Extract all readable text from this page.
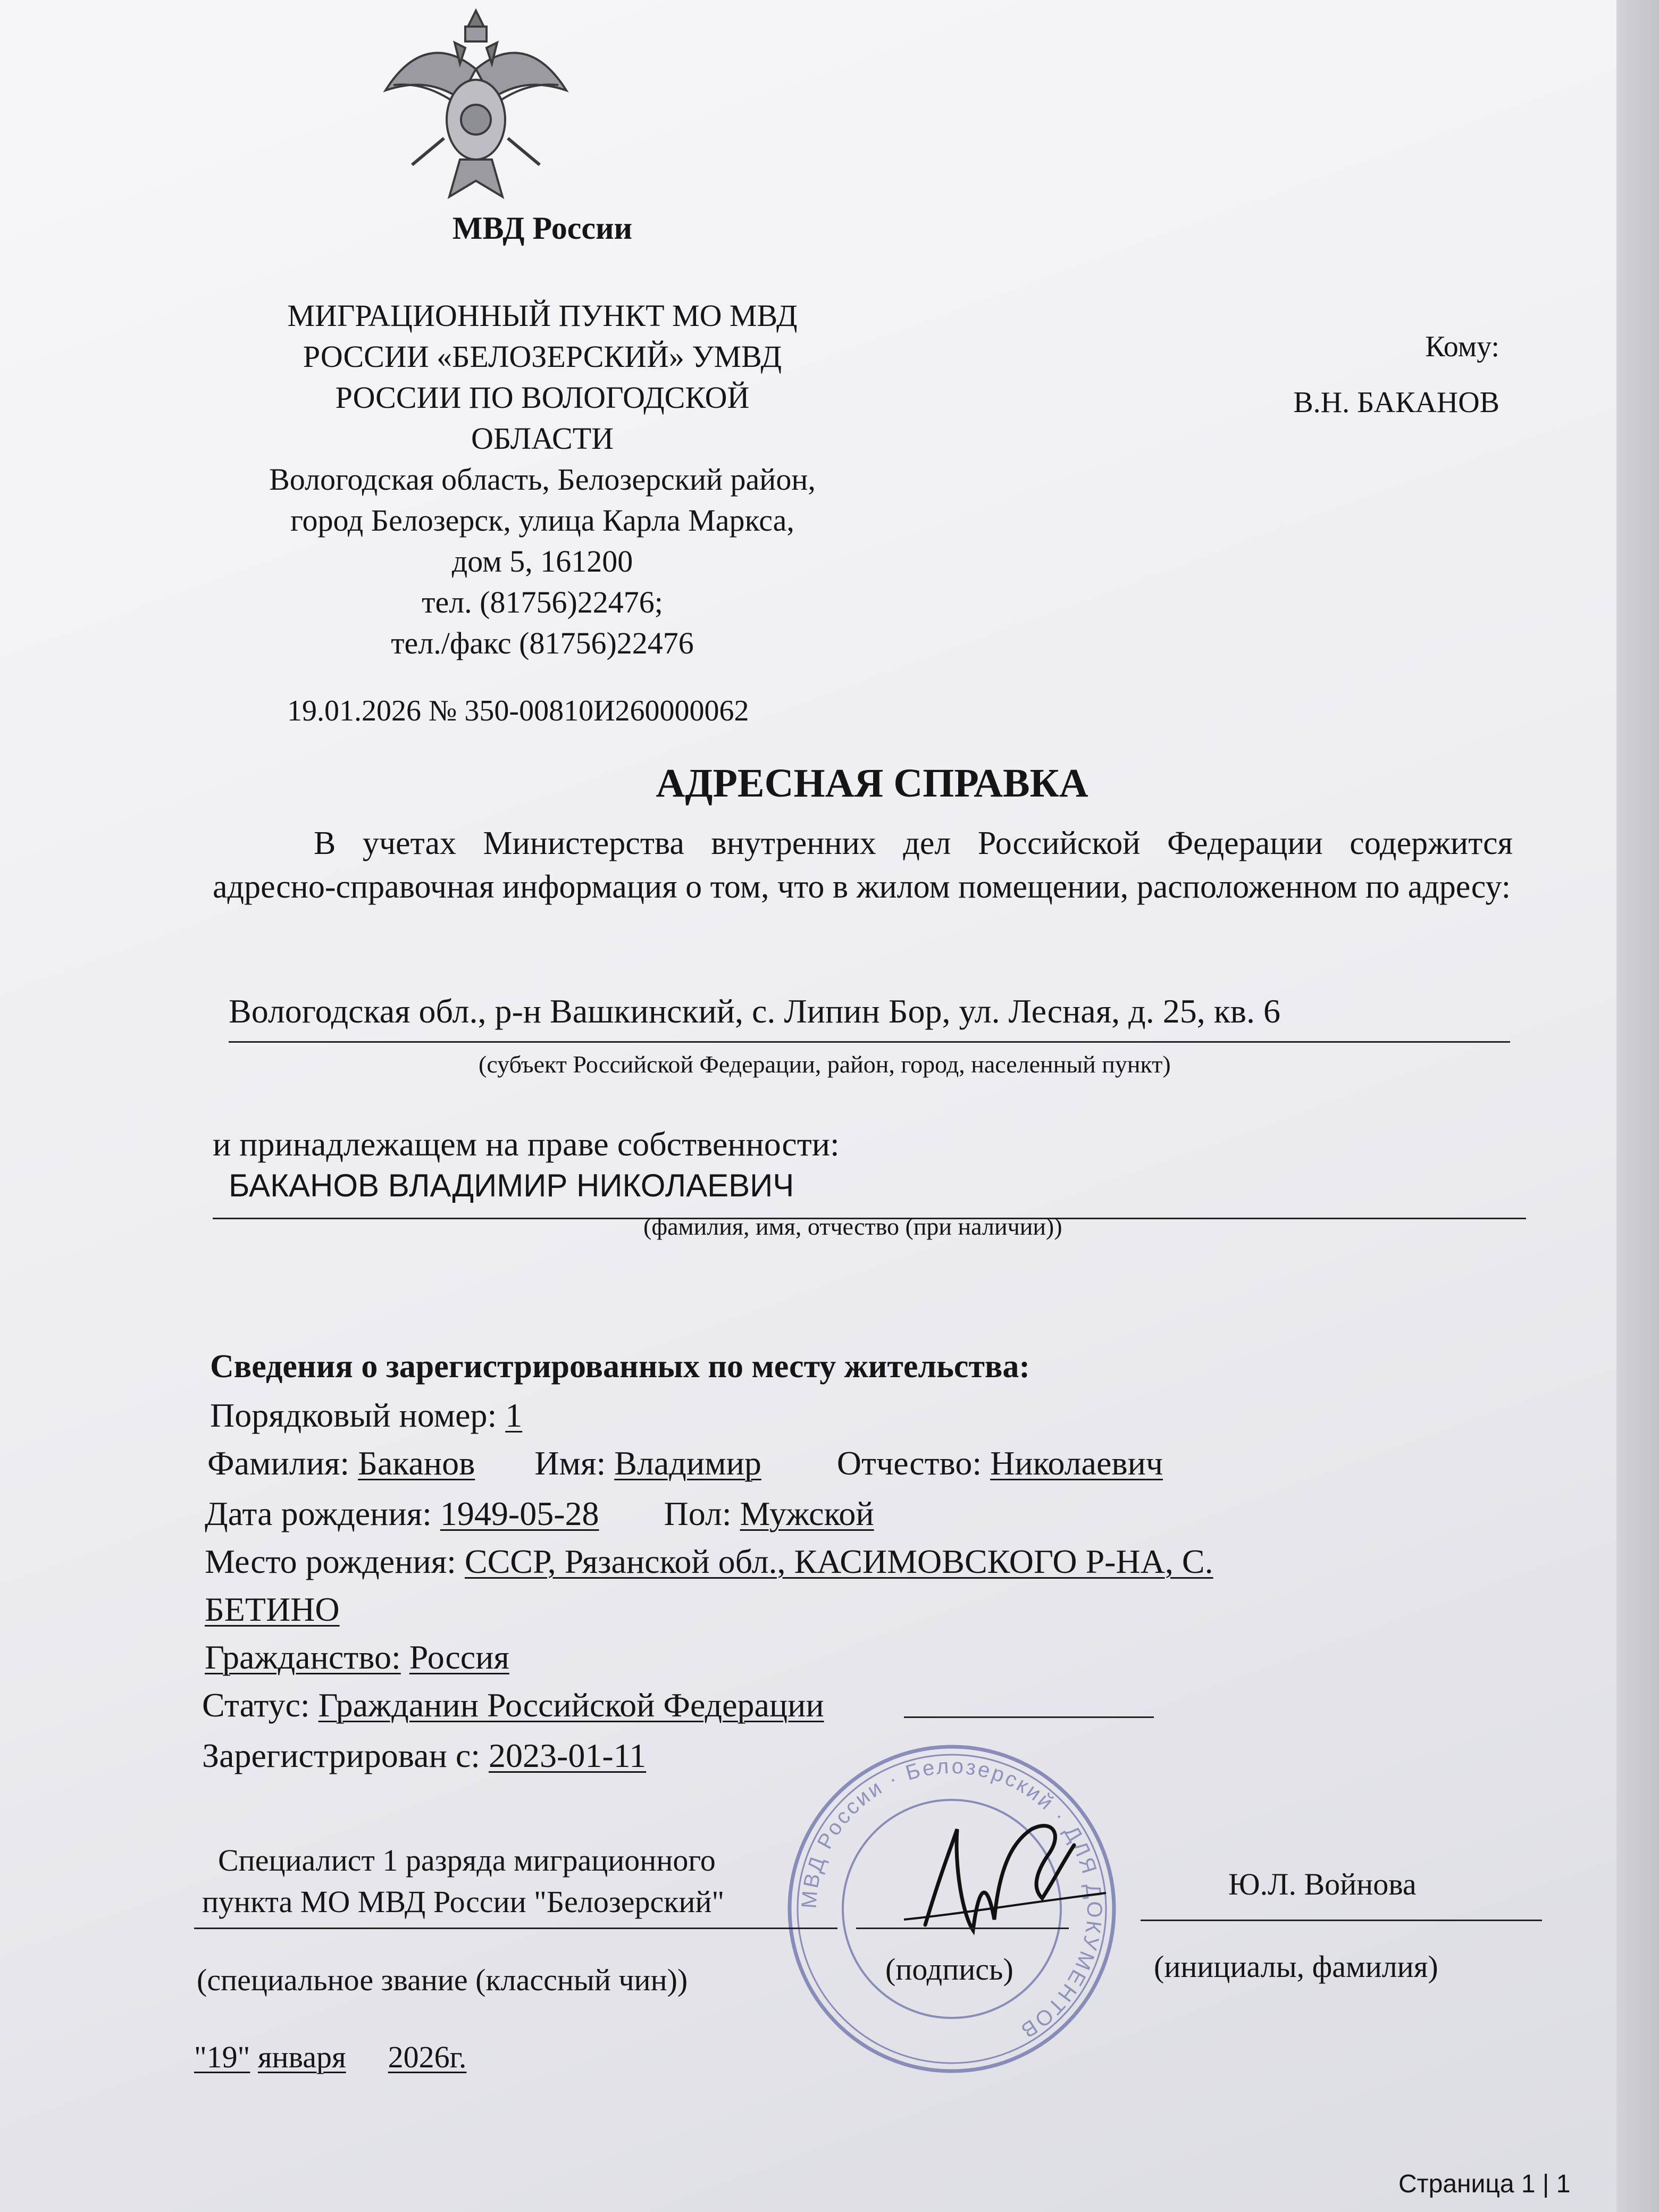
МВД России
МИГРАЦИОННЫЙ ПУНКТ МО МВД
РОССИИ «БЕЛОЗЕРСКИЙ» УМВД
РОССИИ ПО ВОЛОГОДСКОЙ
ОБЛАСТИ
Вологодская область, Белозерский район,
город Белозерск, улица Карла Маркса,
дом 5, 161200
тел. (81756)22476;
тел./факс (81756)22476
Кому:
В.Н. БАКАНОВ
19.01.2026 № 350-00810И260000062
АДРЕСНАЯ СПРАВКА
В учетах Министерства внутренних дел Российской Федерации содержится адресно-справочная информация о том, что в жилом помещении, расположенном по адресу:
Вологодская обл., р-н Вашкинский, с. Липин Бор, ул. Лесная, д. 25, кв. 6
(субъект Российской Федерации, район, город, населенный пункт)
и принадлежащем на праве собственности:
БАКАНОВ ВЛАДИМИР НИКОЛАЕВИЧ
(фамилия, имя, отчество (при наличии))
Сведения о зарегистрированных по месту жительства:
Порядковый номер: 1
Фамилия: Баканов Имя: Владимир Отчество: Николаевич
Дата рождения: 1949-05-28 Пол: Мужской
Место рождения: СССР, Рязанской обл., КАСИМОВСКОГО Р-НА, С.
БЕТИНО
Гражданство: Россия
Статус: Гражданин Российской Федерации
Зарегистрирован с: 2023-01-11
МВД России · Белозерский · ДЛЯ ДОКУМЕНТОВ
Специалист 1 разряда миграционного
пункта МО МВД России "Белозерский"
Ю.Л. Войнова
(специальное звание (классный чин))	(подпись)	(инициалы, фамилия)
"19" января 2026г.
Страница 1 | 1
